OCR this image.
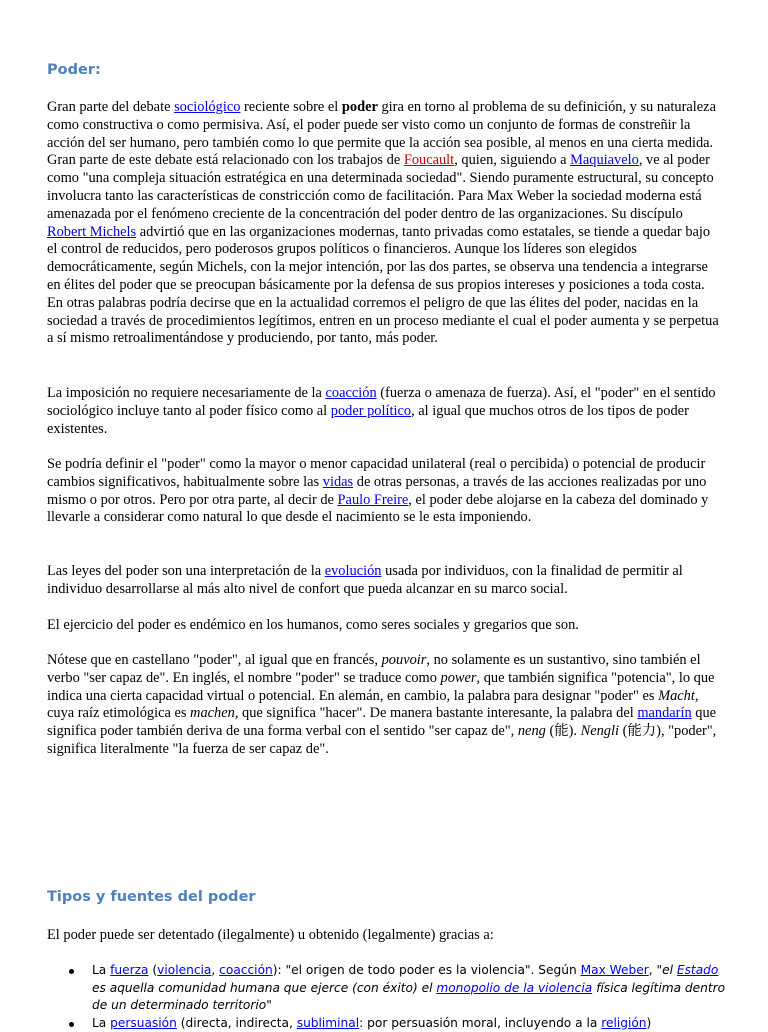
Poder:

Gran parte del debate sociológico reciente sobre el poder gira en torno al problema de su definición, y su naturaleza como constructiva o como permisiva. Así, el poder puede ser visto como un conjunto de formas de constreñir la acción del ser humano, pero también como lo que permite que la acción sea posible, al menos en una cierta medida. Gran parte de este debate está relacionado con los trabajos de Foucault, quien, siguiendo a Maquiavelo, ve al poder como "una compleja situación estratégica en una determinada sociedad". Siendo puramente estructural, su concepto involucra tanto las características de constricción como de facilitación. Para Max Weber la sociedad moderna está amenazada por el fenómeno creciente de la concentración del poder dentro de las organizaciones. Su discípulo Robert Michels advirtió que en las organizaciones modernas, tanto privadas como estatales, se tiende a quedar bajo el control de reducidos, pero poderosos grupos políticos o financieros. Aunque los líderes son elegidos democráticamente, según Michels, con la mejor intención, por las dos partes, se observa una tendencia a integrarse en élites del poder que se preocupan básicamente por la defensa de sus propios intereses y posiciones a toda costa. En otras palabras podría decirse que en la actualidad corremos el peligro de que las élites del poder, nacidas en la sociedad a través de procedimientos legítimos, entren en un proceso mediante el cual el poder aumenta y se perpetua a sí mismo retroalimentándose y produciendo, por tanto, más poder.

La imposición no requiere necesariamente de la coacción (fuerza o amenaza de fuerza). Así, el "poder" en el sentido sociológico incluye tanto al poder físico como al poder político, al igual que muchos otros de los tipos de poder existentes.

Se podría definir el "poder" como la mayor o menor capacidad unilateral (real o percibida) o potencial de producir cambios significativos, habitualmente sobre las vidas de otras personas, a través de las acciones realizadas por uno mismo o por otros. Pero por otra parte, al decir de Paulo Freire, el poder debe alojarse en la cabeza del dominado y llevarle a considerar como natural lo que desde el nacimiento se le esta imponiendo.

Las leyes del poder son una interpretación de la evolución usada por individuos, con la finalidad de permitir al individuo desarrollarse al más alto nivel de confort que pueda alcanzar en su marco social.

El ejercicio del poder es endémico en los humanos, como seres sociales y gregarios que son.

Nótese que en castellano "poder", al igual que en francés, pouvoir, no solamente es un sustantivo, sino también el verbo "ser capaz de". En inglés, el nombre "poder" se traduce como power, que también significa "potencia", lo que indica una cierta capacidad virtual o potencial. En alemán, en cambio, la palabra para designar "poder" es Macht, cuya raíz etimológica es machen, que significa "hacer". De manera bastante interesante, la palabra del mandarín que significa poder también deriva de una forma verbal con el sentido "ser capaz de", neng (能). Nengli (能力), "poder", significa literalmente "la fuerza de ser capaz de".

Tipos y fuentes del poder

El poder puede ser detentado (ilegalmente) u obtenido (legalmente) gracias a:

La fuerza (violencia, coacción): "el origen de todo poder es la violencia". Según Max Weber, "el Estado es aquella comunidad humana que ejerce (con éxito) el monopolio de la violencia física legítima dentro de un determinado territorio"
La persuasión (directa, indirecta, subliminal: por persuasión moral, incluyendo a la religión)
